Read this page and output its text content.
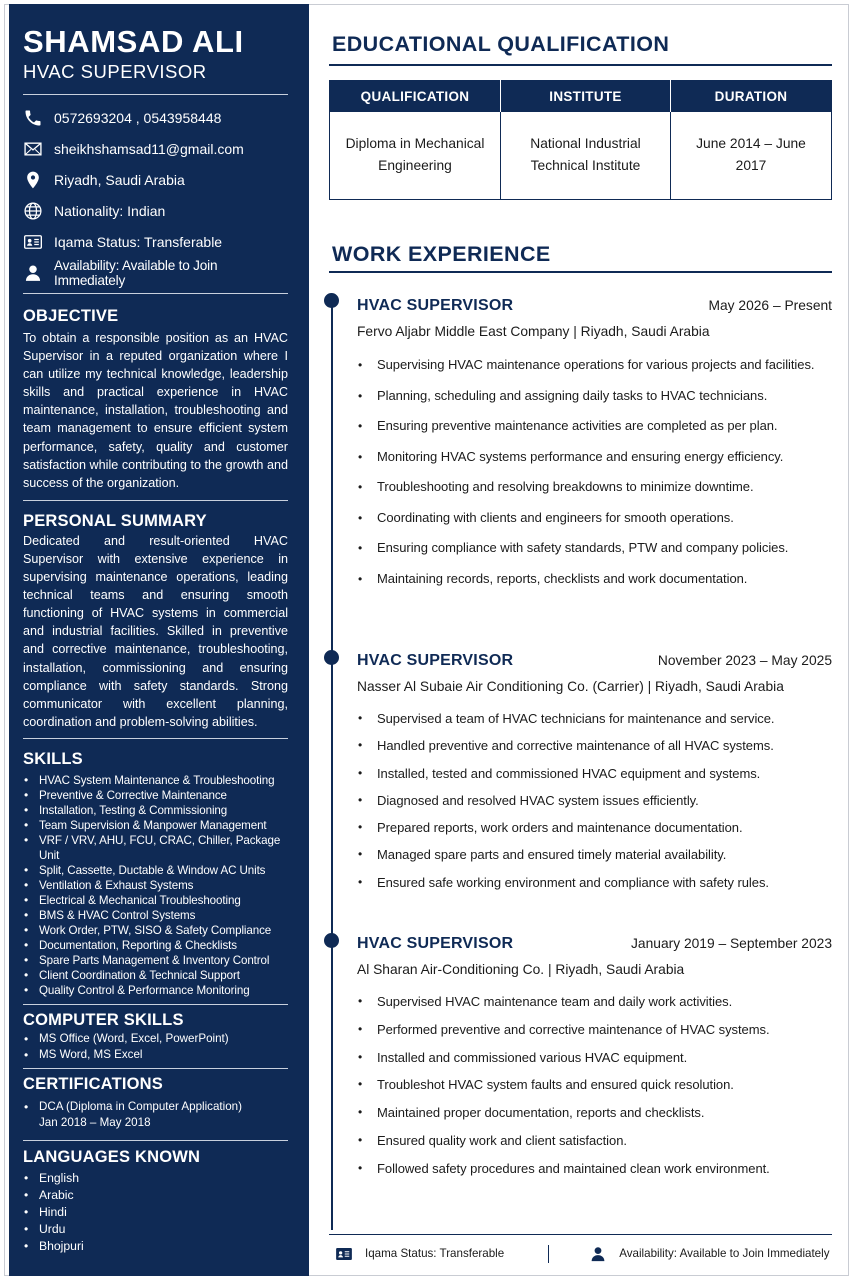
SHAMSAD ALI
HVAC SUPERVISOR
0572693204 , 0543958448
sheikhshamsad11@gmail.com
Riyadh, Saudi Arabia
Nationality: Indian
Iqama Status: Transferable
Availability: Available to Join Immediately
OBJECTIVE

To obtain a responsible position as an HVAC Supervisor in a reputed organization where I can utilize my technical knowledge, leadership skills and practical experience in HVAC maintenance, installation, troubleshooting and team management to ensure efficient system performance, safety, quality and customer satisfaction while contributing to the growth and success of the organization.

PERSONAL SUMMARY

Dedicated and result-oriented HVAC Supervisor with extensive experience in supervising maintenance operations, leading technical teams and ensuring smooth functioning of HVAC systems in commercial and industrial facilities. Skilled in preventive and corrective maintenance, troubleshooting, installation, commissioning and ensuring compliance with safety standards. Strong communicator with excellent planning, coordination and problem-solving abilities.

SKILLS
• HVAC System Maintenance & Troubleshooting
• Preventive & Corrective Maintenance
• Installation, Testing & Commissioning
• Team Supervision & Manpower Management
• VRF / VRV, AHU, FCU, CRAC, Chiller, Package Unit
• Split, Cassette, Ductable & Window AC Units
• Ventilation & Exhaust Systems
• Electrical & Mechanical Troubleshooting
• BMS & HVAC Control Systems
• Work Order, PTW, SISO & Safety Compliance
• Documentation, Reporting & Checklists
• Spare Parts Management & Inventory Control
• Client Coordination & Technical Support
• Quality Control & Performance Monitoring
COMPUTER SKILLS
• MS Office (Word, Excel, PowerPoint)
• MS Word, MS Excel
CERTIFICATIONS
• DCA (Diploma in Computer Application)
Jan 2018 – May 2018
LANGUAGES KNOWN
• English
• Arabic
• Hindi
• Urdu
• Bhojpuri
EDUCATIONAL QUALIFICATION
QUALIFICATION	INSTITUTE	DURATION
Diploma in Mechanical Engineering	National Industrial Technical Institute	June 2014 – June 2017
WORK EXPERIENCE
HVAC SUPERVISOR	May 2026 – Present
Fervo Aljabr Middle East Company | Riyadh, Saudi Arabia
• Supervising HVAC maintenance operations for various projects and facilities.
• Planning, scheduling and assigning daily tasks to HVAC technicians.
• Ensuring preventive maintenance activities are completed as per plan.
• Monitoring HVAC systems performance and ensuring energy efficiency.
• Troubleshooting and resolving breakdowns to minimize downtime.
• Coordinating with clients and engineers for smooth operations.
• Ensuring compliance with safety standards, PTW and company policies.
• Maintaining records, reports, checklists and work documentation.
HVAC SUPERVISOR	November 2023 – May 2025
Nasser Al Subaie Air Conditioning Co. (Carrier) | Riyadh, Saudi Arabia
• Supervised a team of HVAC technicians for maintenance and service.
• Handled preventive and corrective maintenance of all HVAC systems.
• Installed, tested and commissioned HVAC equipment and systems.
• Diagnosed and resolved HVAC system issues efficiently.
• Prepared reports, work orders and maintenance documentation.
• Managed spare parts and ensured timely material availability.
• Ensured safe working environment and compliance with safety rules.
HVAC SUPERVISOR	January 2019 – September 2023
Al Sharan Air-Conditioning Co. | Riyadh, Saudi Arabia
• Supervised HVAC maintenance team and daily work activities.
• Performed preventive and corrective maintenance of HVAC systems.
• Installed and commissioned various HVAC equipment.
• Troubleshot HVAC system faults and ensured quick resolution.
• Maintained proper documentation, reports and checklists.
• Ensured quality work and client satisfaction.
• Followed safety procedures and maintained clean work environment.
Iqama Status: Transferable	Availability: Available to Join Immediately
